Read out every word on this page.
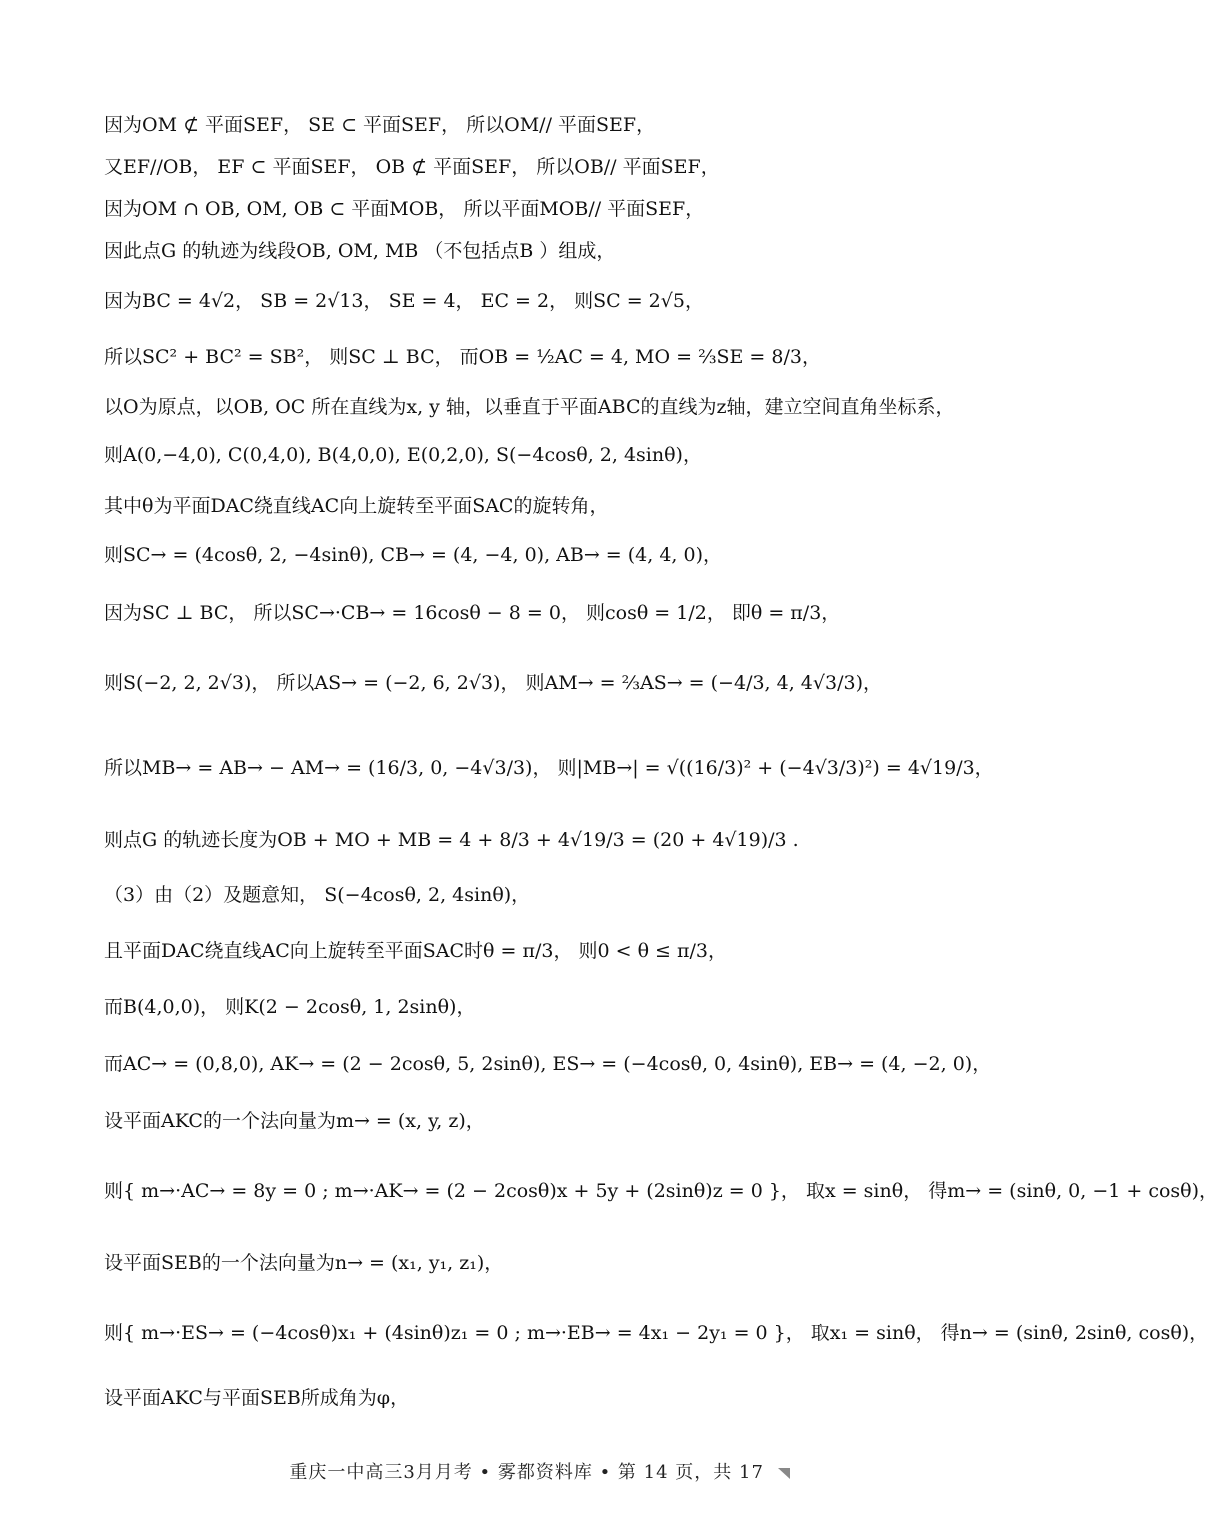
因为OM ⊄ 平面SEF， SE ⊂ 平面SEF， 所以OM// 平面SEF，
又EF//OB， EF ⊂ 平面SEF， OB ⊄ 平面SEF， 所以OB// 平面SEF，
因为OM ∩ OB, OM, OB ⊂ 平面MOB， 所以平面MOB// 平面SEF，
因此点G 的轨迹为线段OB, OM, MB （不包括点B ）组成，
因为BC = 4√2， SB = 2√13， SE = 4， EC = 2， 则SC = 2√5，
所以SC² + BC² = SB²， 则SC ⊥ BC， 而OB = ½AC = 4, MO = ⅔SE = 8/3，
以O为原点，以OB, OC 所在直线为x, y 轴，以垂直于平面ABC的直线为z轴，建立空间直角坐标系，
则A(0,−4,0), C(0,4,0), B(4,0,0), E(0,2,0), S(−4cosθ, 2, 4sinθ)，
其中θ为平面DAC绕直线AC向上旋转至平面SAC的旋转角，
则SC→ = (4cosθ, 2, −4sinθ), CB→ = (4, −4, 0), AB→ = (4, 4, 0)，
因为SC ⊥ BC， 所以SC→·CB→ = 16cosθ − 8 = 0， 则cosθ = 1/2， 即θ = π/3，
则S(−2, 2, 2√3)， 所以AS→ = (−2, 6, 2√3)， 则AM→ = ⅔AS→ = (−4/3, 4, 4√3/3)，
所以MB→ = AB→ − AM→ = (16/3, 0, −4√3/3)， 则|MB→| = √((16/3)² + (−4√3/3)²) = 4√19/3，
则点G 的轨迹长度为OB + MO + MB = 4 + 8/3 + 4√19/3 = (20 + 4√19)/3 .
（3）由（2）及题意知， S(−4cosθ, 2, 4sinθ)，
且平面DAC绕直线AC向上旋转至平面SAC时θ = π/3， 则0 < θ ≤ π/3，
而B(4,0,0)， 则K(2 − 2cosθ, 1, 2sinθ)，
而AC→ = (0,8,0), AK→ = (2 − 2cosθ, 5, 2sinθ), ES→ = (−4cosθ, 0, 4sinθ), EB→ = (4, −2, 0)，
设平面AKC的一个法向量为m→ = (x, y, z)，
则{ m→·AC→ = 8y = 0 ; m→·AK→ = (2 − 2cosθ)x + 5y + (2sinθ)z = 0 }， 取x = sinθ， 得m→ = (sinθ, 0, −1 + cosθ)，
设平面SEB的一个法向量为n→ = (x₁, y₁, z₁)，
则{ m→·ES→ = (−4cosθ)x₁ + (4sinθ)z₁ = 0 ; m→·EB→ = 4x₁ − 2y₁ = 0 }， 取x₁ = sinθ， 得n→ = (sinθ, 2sinθ, cosθ)，
设平面AKC与平面SEB所成角为φ，
重庆一中高三3月月考 • 雾都资料库 • 第 14 页，共 17
